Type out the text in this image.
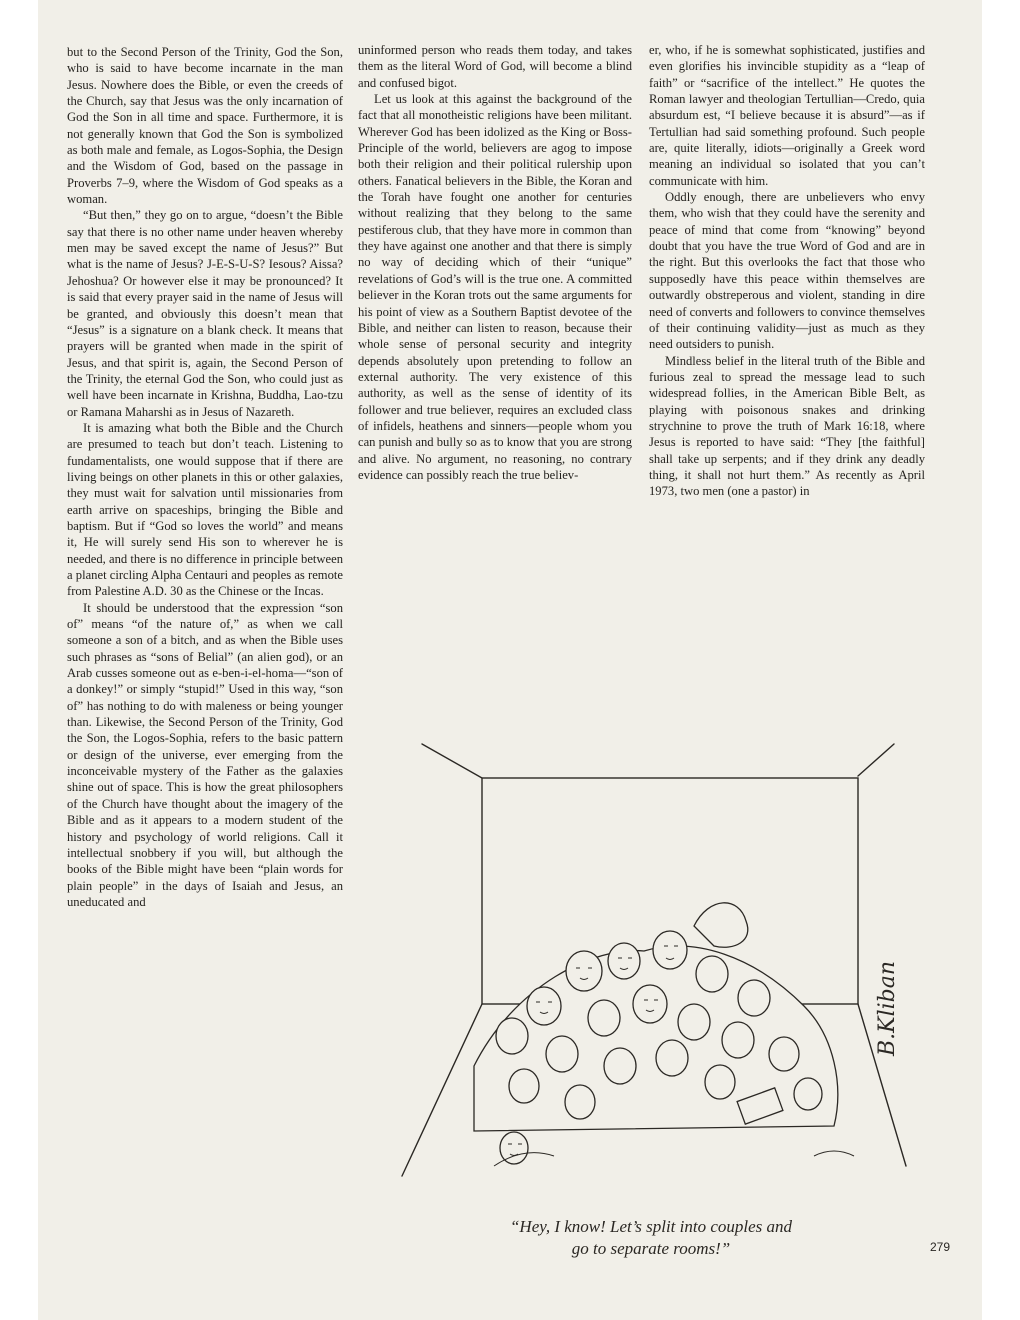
but to the Second Person of the Trinity, God the Son, who is said to have become incarnate in the man Jesus. Nowhere does the Bible, or even the creeds of the Church, say that Jesus was the only incarnation of God the Son in all time and space. Furthermore, it is not generally known that God the Son is symbolized as both male and female, as Logos-Sophia, the Design and the Wisdom of God, based on the passage in Proverbs 7–9, where the Wisdom of God speaks as a woman.

“But then,” they go on to argue, “doesn’t the Bible say that there is no other name under heaven whereby men may be saved except the name of Jesus?” But what is the name of Jesus? J-E-S-U-S? Iesous? Aissa? Jehoshua? Or however else it may be pronounced? It is said that every prayer said in the name of Jesus will be granted, and obviously this doesn’t mean that “Jesus” is a signature on a blank check. It means that prayers will be granted when made in the spirit of Jesus, and that spirit is, again, the Second Person of the Trinity, the eternal God the Son, who could just as well have been incarnate in Krishna, Buddha, Lao-tzu or Ramana Maharshi as in Jesus of Nazareth.

It is amazing what both the Bible and the Church are presumed to teach but don’t teach. Listening to fundamentalists, one would suppose that if there are living beings on other planets in this or other galaxies, they must wait for salvation until missionaries from earth arrive on spaceships, bringing the Bible and baptism. But if “God so loves the world” and means it, He will surely send His son to wherever he is needed, and there is no difference in principle between a planet circling Alpha Centauri and peoples as remote from Palestine A.D. 30 as the Chinese or the Incas.

It should be understood that the expression “son of” means “of the nature of,” as when we call someone a son of a bitch, and as when the Bible uses such phrases as “sons of Belial” (an alien god), or an Arab cusses someone out as e-ben-i-el-homa—“son of a donkey!” or simply “stupid!” Used in this way, “son of” has nothing to do with maleness or being younger than. Likewise, the Second Person of the Trinity, God the Son, the Logos-Sophia, refers to the basic pattern or design of the universe, ever emerging from the inconceivable mystery of the Father as the galaxies shine out of space. This is how the great philosophers of the Church have thought about the imagery of the Bible and as it appears to a modern student of the history and psychology of world religions. Call it intellectual snobbery if you will, but although the books of the Bible might have been “plain words for plain people” in the days of Isaiah and Jesus, an uneducated and

uninformed person who reads them today, and takes them as the literal Word of God, will become a blind and confused bigot.

Let us look at this against the background of the fact that all monotheistic religions have been militant. Wherever God has been idolized as the King or Boss-Principle of the world, believers are agog to impose both their religion and their political rulership upon others. Fanatical believers in the Bible, the Koran and the Torah have fought one another for centuries without realizing that they belong to the same pestiferous club, that they have more in common than they have against one another and that there is simply no way of deciding which of their “unique” revelations of God’s will is the true one. A committed believer in the Koran trots out the same arguments for his point of view as a Southern Baptist devotee of the Bible, and neither can listen to reason, because their whole sense of personal security and integrity depends absolutely upon pretending to follow an external authority. The very existence of this authority, as well as the sense of identity of its follower and true believer, requires an excluded class of infidels, heathens and sinners—people whom you can punish and bully so as to know that you are strong and alive. No argument, no reasoning, no contrary evidence can possibly reach the true believ-

er, who, if he is somewhat sophisticated, justifies and even glorifies his invincible stupidity as a “leap of faith” or “sacrifice of the intellect.” He quotes the Roman lawyer and theologian Tertullian—Credo, quia absurdum est, “I believe because it is absurd”—as if Tertullian had said something profound. Such people are, quite literally, idiots—originally a Greek word meaning an individual so isolated that you can’t communicate with him.

Oddly enough, there are unbelievers who envy them, who wish that they could have the serenity and peace of mind that come from “knowing” beyond doubt that you have the true Word of God and are in the right. But this overlooks the fact that those who supposedly have this peace within themselves are outwardly obstreperous and violent, standing in dire need of converts and followers to convince themselves of their continuing validity—just as much as they need outsiders to punish.

Mindless belief in the literal truth of the Bible and furious zeal to spread the message lead to such widespread follies, in the American Bible Belt, as playing with poisonous snakes and drinking strychnine to prove the truth of Mark 16:18, where Jesus is reported to have said: “They [the faithful] shall take up serpents; and if they drink any deadly thing, it shall not hurt them.” As recently as April 1973, two men (one a pastor) in

B.Kliban
“Hey, I know! Let’s split into couples and
go to separate rooms!”	279
